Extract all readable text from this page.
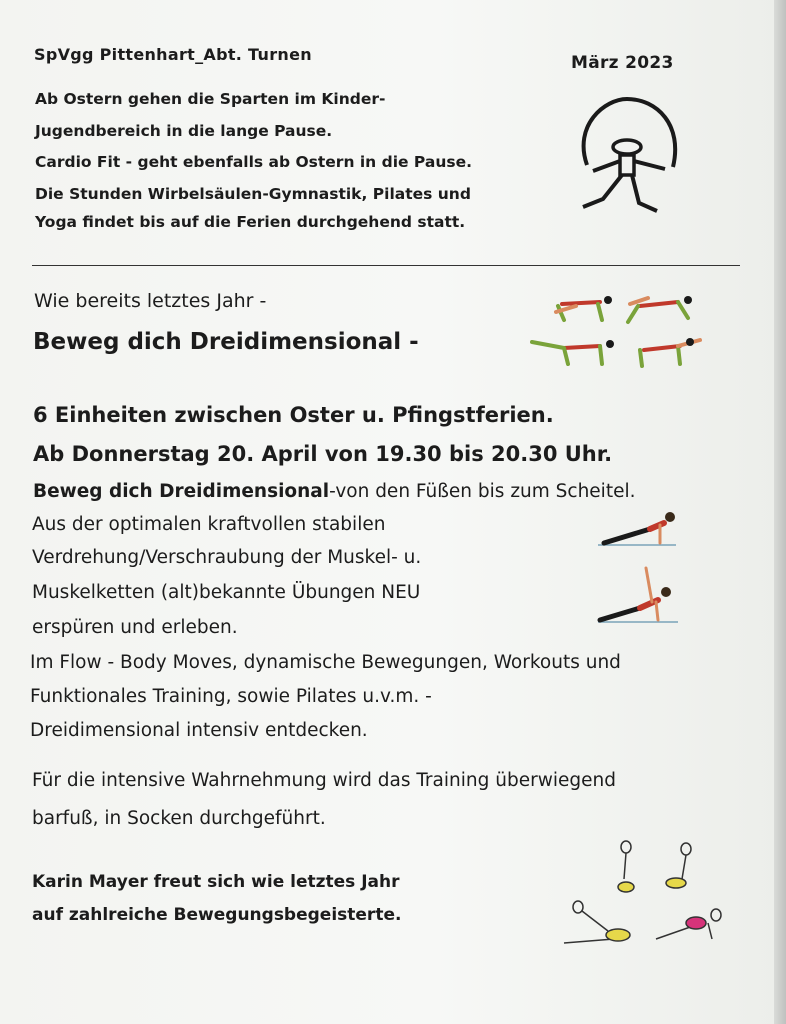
SpVgg Pittenhart_Abt. Turnen	März 2023
Ab Ostern gehen die Sparten im Kinder-
Jugendbereich in die lange Pause.
Cardio Fit - geht ebenfalls ab Ostern in die Pause.
Die Stunden Wirbelsäulen-Gymnastik, Pilates und
Yoga findet bis auf die Ferien durchgehend statt.
Wie bereits letztes Jahr -
Beweg dich Dreidimensional -
6 Einheiten zwischen Oster u. Pfingstferien.
Ab Donnerstag 20. April von 19.30 bis 20.30 Uhr.
Beweg dich Dreidimensional-von den Füßen bis zum Scheitel.
Aus der optimalen kraftvollen stabilen
Verdrehung/Verschraubung der Muskel- u.
Muskelketten (alt)bekannte Übungen NEU
erspüren und erleben.
Im Flow - Body Moves, dynamische Bewegungen, Workouts und
Funktionales Training, sowie Pilates u.v.m. -
Dreidimensional intensiv entdecken.
Für die intensive Wahrnehmung wird das Training überwiegend
barfuß, in Socken durchgeführt.
Karin Mayer freut sich wie letztes Jahr
auf zahlreiche Bewegungsbegeisterte.
